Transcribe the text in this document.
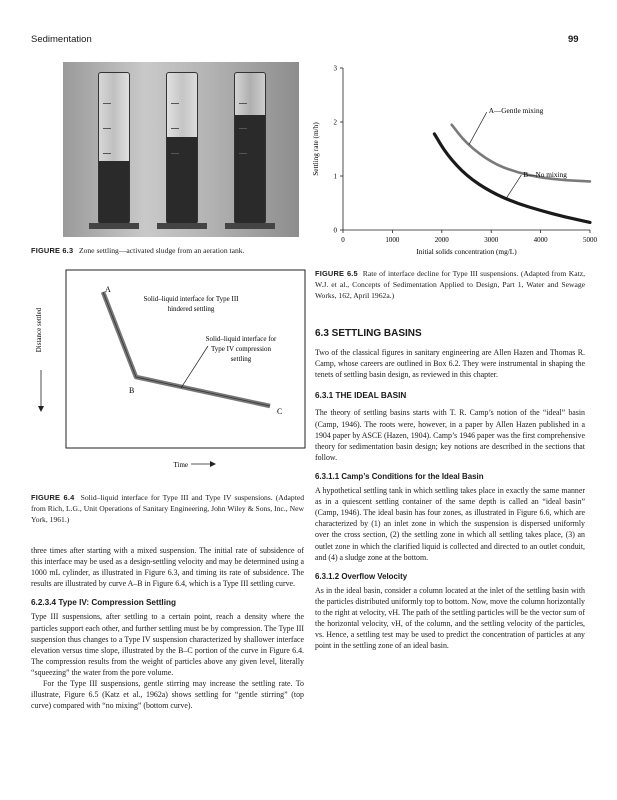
Sedimentation	99
FIGURE 6.3 Zone settling—activated sludge from an aeration tank.
A
B
C
Solid–liquid interface for Type III
hindered settling
Solid–liquid interface for
Type IV compression
settling
Distance settled
Time
FIGURE 6.4 Solid–liquid interface for Type III and Type IV suspensions. (Adapted from Rich, L.G., Unit Operations of Sanitary Engineering, John Wiley & Sons, Inc., New York, 1961.)
0
1
2
3
0	1000	2000	3000	4000	5000
Initial solids concentration (mg/L)
Settling rate (m/h)
A—Gentle mixing
B—No mixing
FIGURE 6.5 Rate of interface decline for Type III suspensions. (Adapted from Katz, W.J. et al., Concepts of Sedimentation Applied to Design, Part 1, Water and Sewage Works, 162, April 1962a.)

three times after starting with a mixed suspension. The initial rate of subsidence of this interface may be used as a design-settling velocity and may be determined using a 1000 mL cylinder, as illustrated in Figure 6.3, and timing its rate of subsidence. The results are illustrated by curve A–B in Figure 6.4, which is a Type III settling curve.

6.2.3.4 Type IV: Compression Settling

Type III suspensions, after settling to a certain point, reach a density where the particles support each other, and further settling must be by compression. The Type III suspension thus changes to a Type IV suspension characterized by shallower interface elevation versus time slope, illustrated by the B–C portion of the curve in Figure 6.4. The compression results from the weight of particles above any given level, literally “squeezing” the water from the pore volume.

For the Type III suspensions, gentle stirring may increase the settling rate. To illustrate, Figure 6.5 (Katz et al., 1962a) shows settling for “gentle stirring” (top curve) compared with “no mixing” (bottom curve).

6.3 SETTLING BASINS

Two of the classical figures in sanitary engineering are Allen Hazen and Thomas R. Camp, whose careers are outlined in Box 6.2. They were instrumental in shaping the tenets of settling basin design, as reviewed in this chapter.

6.3.1 THE IDEAL BASIN

The theory of settling basins starts with T. R. Camp’s notion of the “ideal” basin (Camp, 1946). The roots were, however, in a paper by Allen Hazen published in a 1904 paper by ASCE (Hazen, 1904). Camp’s 1946 paper was the first comprehensive theory for sedimentation basin design; key notions are described in the sections that follow.

6.3.1.1 Camp’s Conditions for the Ideal Basin

A hypothetical settling tank in which settling takes place in exactly the same manner as in a quiescent settling container of the same depth is called an “ideal basin” (Camp, 1946). The ideal basin has four zones, as illustrated in Figure 6.6, which are characterized by (1) an inlet zone in which the suspension is dispersed uniformly over the cross section, (2) the settling zone in which all settling takes place, (3) an outlet zone in which the clarified liquid is collected and directed to an outlet conduit, and (4) a sludge zone at the bottom.

6.3.1.2 Overflow Velocity

As in the ideal basin, consider a column located at the inlet of the settling basin with the particles distributed uniformly top to bottom. Now, move the column horizontally to the right at velocity, vH. The path of the settling particles will be the vector sum of the horizontal velocity, vH, of the column, and the settling velocity of the particles, vs. Hence, a settling test may be used to predict the concentration of particles at any point in the settling zone of an ideal basin.
